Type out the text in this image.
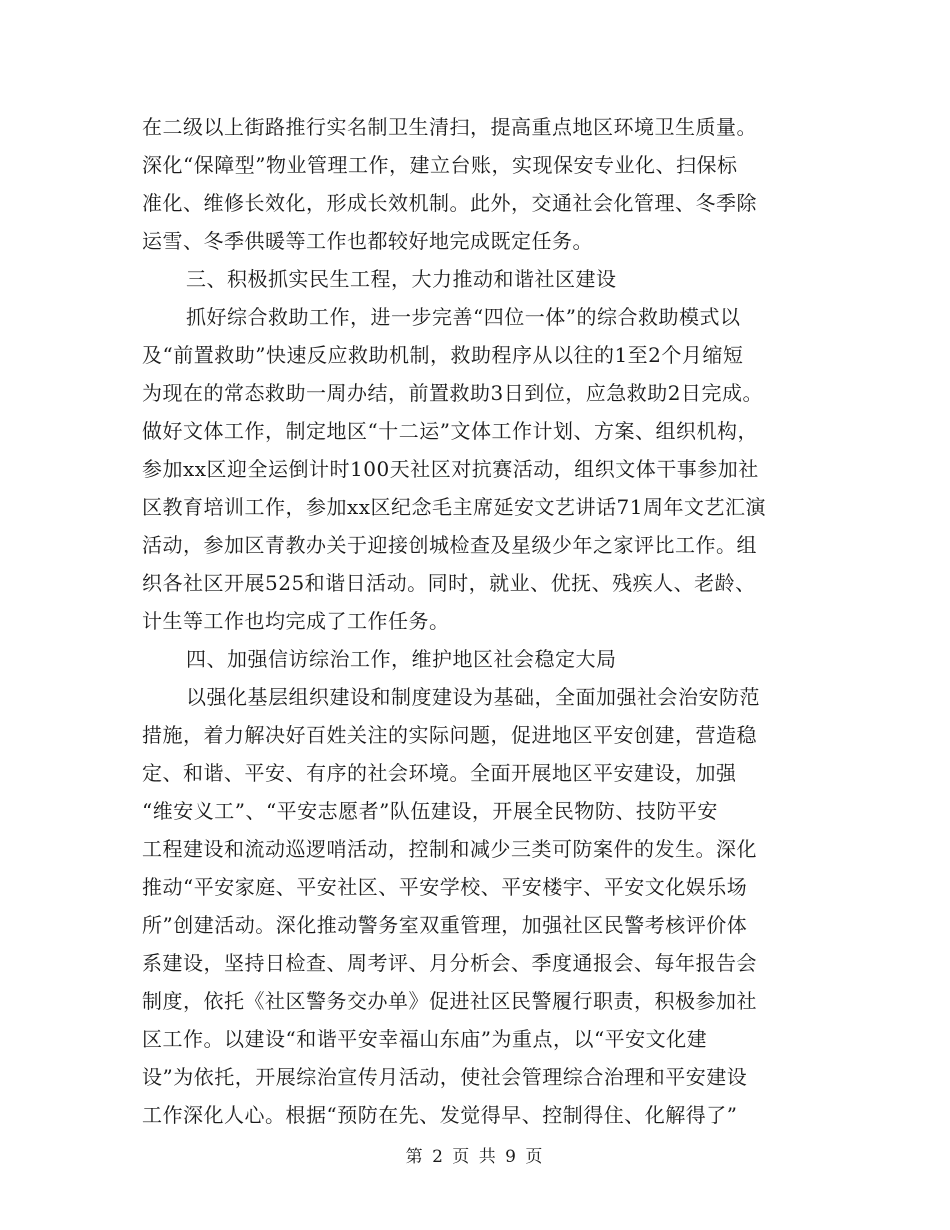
在二级以上街路推行实名制卫生清扫，提高重点地区环境卫生质量。
深化“保障型”物业管理工作，建立台账，实现保安专业化、扫保标
准化、维修长效化，形成长效机制。此外，交通社会化管理、冬季除
运雪、冬季供暖等工作也都较好地完成既定任务。
三、积极抓实民生工程，大力推动和谐社区建设
抓好综合救助工作，进一步完善“四位一体”的综合救助模式以
及“前置救助”快速反应救助机制，救助程序从以往的1至2个月缩短
为现在的常态救助一周办结，前置救助3日到位，应急救助2日完成。
做好文体工作，制定地区“十二运”文体工作计划、方案、组织机构，
参加xx区迎全运倒计时100天社区对抗赛活动，组织文体干事参加社
区教育培训工作，参加xx区纪念毛主席延安文艺讲话71周年文艺汇演
活动，参加区青教办关于迎接创城检查及星级少年之家评比工作。组
织各社区开展525和谐日活动。同时，就业、优抚、残疾人、老龄、
计生等工作也均完成了工作任务。
四、加强信访综治工作，维护地区社会稳定大局
以强化基层组织建设和制度建设为基础，全面加强社会治安防范
措施，着力解决好百姓关注的实际问题，促进地区平安创建，营造稳
定、和谐、平安、有序的社会环境。全面开展地区平安建设，加强
“维安义工”、“平安志愿者”队伍建设，开展全民物防、技防平安
工程建设和流动巡逻哨活动，控制和减少三类可防案件的发生。深化
推动“平安家庭、平安社区、平安学校、平安楼宇、平安文化娱乐场
所”创建活动。深化推动警务室双重管理，加强社区民警考核评价体
系建设，坚持日检查、周考评、月分析会、季度通报会、每年报告会
制度，依托《社区警务交办单》促进社区民警履行职责，积极参加社
区工作。以建设“和谐平安幸福山东庙”为重点，以“平安文化建
设”为依托，开展综治宣传月活动，使社会管理综合治理和平安建设
工作深化人心。根据“预防在先、发觉得早、控制得住、化解得了”
第 2 页 共 9 页
